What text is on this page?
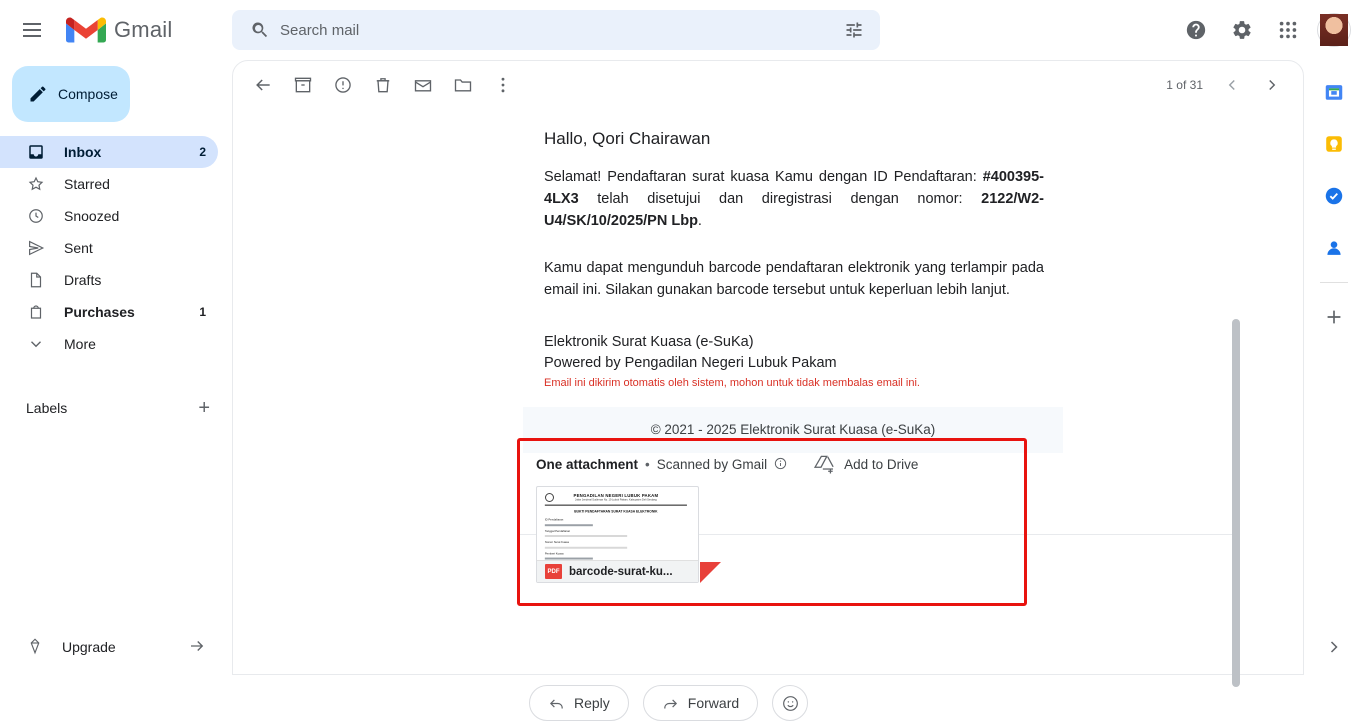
Gmail
Search mail
Compose
Inbox	2
Starred
Snoozed
Sent
Drafts
Purchases	1
More
Labels	+
Upgrade
1 of 31
Hallo, Qori Chairawan

Selamat! Pendaftaran surat kuasa Kamu dengan ID Pendaftaran: #400395-4LX3 telah disetujui dan diregistrasi dengan nomor: 2122/W2-U4/SK/10/2025/PN Lbp.

Kamu dapat mengunduh barcode pendaftaran elektronik yang terlampir pada email ini. Silakan gunakan barcode tersebut untuk keperluan lebih lanjut.

Elektronik Surat Kuasa (e-SuKa)
Powered by Pengadilan Negeri Lubuk Pakam
Email ini dikirim otomatis oleh sistem, mohon untuk tidak membalas email ini.
© 2021 - 2025 Elektronik Surat Kuasa (e-SuKa)
One attachment • Scanned by Gmail	Add to Drive
PENGADILAN NEGERI LUBUK PAKAM
Jalan Jenderal Sudirman No. 19 Lubuk Pakam, Kabupaten Deli Serdang
BUKTI PENDAFTARAN SURAT KUASA ELEKTRONIK
ID Pendaftaran
Tanggal Pendaftaran
Nomor Surat Kuasa
Pemberi Kuasa
PDF barcode-surat-ku...
Reply	Forward
